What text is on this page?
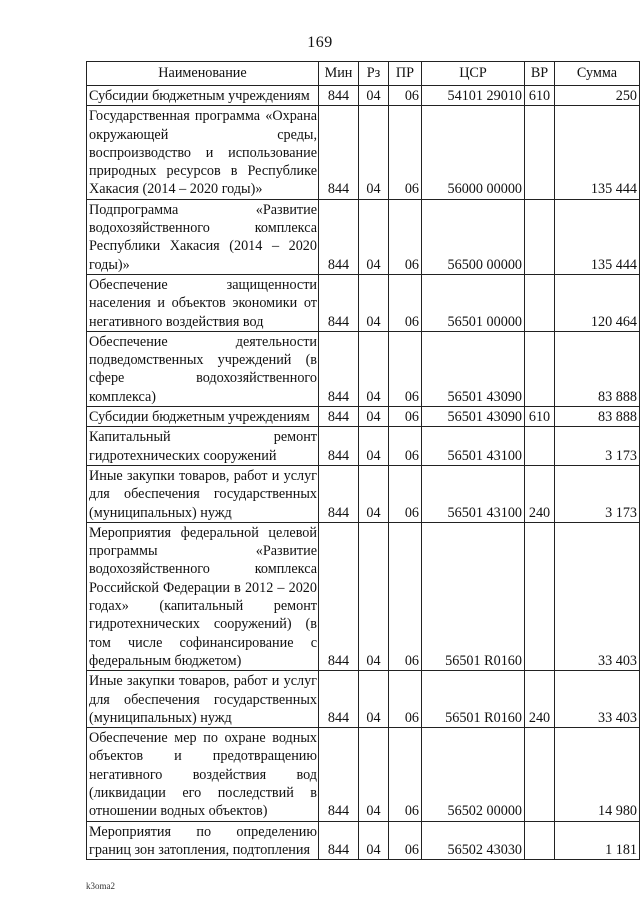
169
Наименование	Мин	Рз	ПР	ЦСР	ВР	Сумма
Субсидии бюджетным учреждениям	844	04	06	54101 29010	610	250
Государственная программа «Охрана окружающей среды, воспроизводство и использование природных ресурсов в Республике Хакасия (2014 – 2020 годы)»	844	04	06	56000 00000		135 444
Подпрограмма «Развитие водохозяйственного комплекса Республики Хакасия (2014 – 2020 годы)»	844	04	06	56500 00000		135 444
Обеспечение защищенности населения и объектов экономики от негативного воздействия вод	844	04	06	56501 00000		120 464
Обеспечение деятельности подведомственных учреждений (в сфере водохозяйственного комплекса)	844	04	06	56501 43090		83 888
Субсидии бюджетным учреждениям	844	04	06	56501 43090	610	83 888
Капитальный ремонт гидротехнических сооружений	844	04	06	56501 43100		3 173
Иные закупки товаров, работ и услуг для обеспечения государственных (муниципальных) нужд	844	04	06	56501 43100	240	3 173
Мероприятия федеральной целевой программы «Развитие водохозяйственного комплекса Российской Федерации в 2012 – 2020 годах» (капитальный ремонт гидротехнических сооружений) (в том числе софинансирование с федеральным бюджетом)	844	04	06	56501 R0160		33 403
Иные закупки товаров, работ и услуг для обеспечения государственных (муниципальных) нужд	844	04	06	56501 R0160	240	33 403
Обеспечение мер по охране водных объектов и предотвращению негативного воздействия вод (ликвидации его последствий в отношении водных объектов)	844	04	06	56502 00000		14 980
Мероприятия по определению границ зон затопления, подтопления	844	04	06	56502 43030		1 181
k3oma2
